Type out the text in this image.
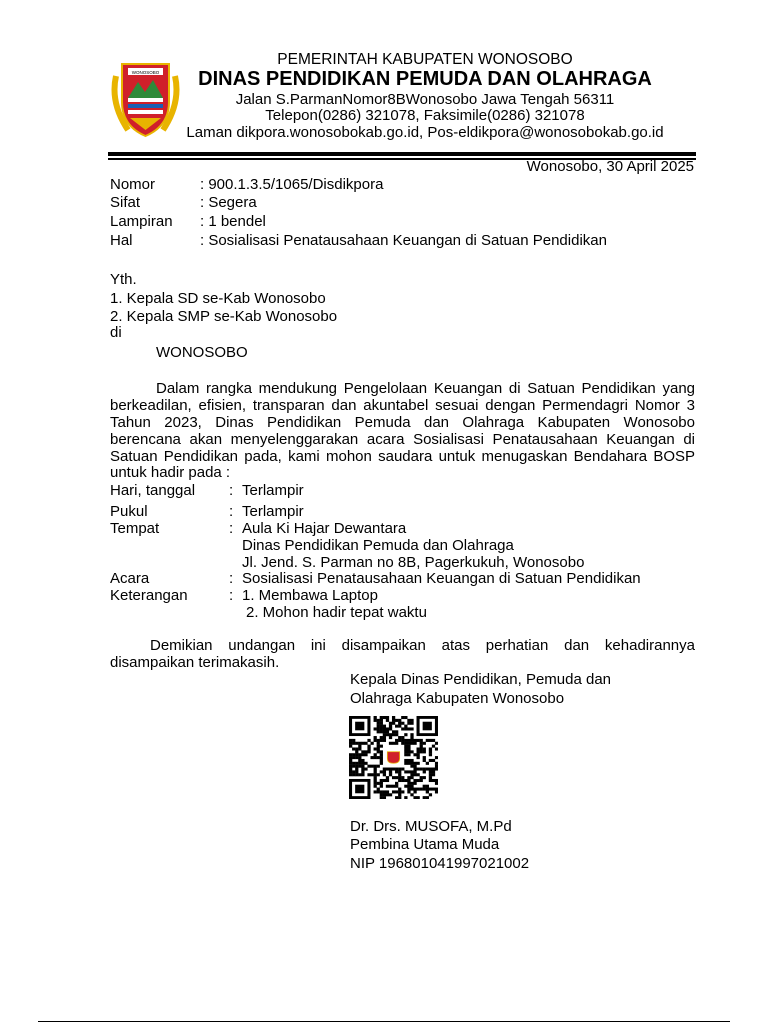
WONOSOBO
PEMERINTAH KABUPATEN WONOSOBO
DINAS PENDIDIKAN PEMUDA DAN OLAHRAGA
Jalan S.ParmanNomor8BWonosobo Jawa Tengah 56311
Telepon(0286) 321078, Faksimile(0286) 321078
Laman dikpora.wonosobokab.go.id, Pos-eldikpora@wonosobokab.go.id
Wonosobo, 30 April 2025
Nomor	: 900.1.3.5/1065/Disdikpora
Sifat	: Segera
Lampiran : 1 bendel
Hal	: Sosialisasi Penatausahaan Keuangan di Satuan Pendidikan
Yth.
1. Kepala SD se-Kab Wonosobo
2. Kepala SMP se-Kab Wonosobo
di
WONOSOBO
Dalam rangka mendukung Pengelolaan Keuangan di Satuan Pendidikan yang
berkeadilan, efisien, transparan dan akuntabel sesuai dengan Permendagri Nomor 3
Tahun 2023, Dinas Pendidikan Pemuda dan Olahraga Kabupaten Wonosobo
berencana akan menyelenggarakan acara Sosialisasi Penatausahaan Keuangan di
Satuan Pendidikan pada, kami mohon saudara untuk menugaskan Bendahara BOSP
untuk hadir pada :
Hari, tanggal : Terlampir
Pukul	: Terlampir
Tempat	: Aula Ki Hajar Dewantara
Dinas Pendidikan Pemuda dan Olahraga
Jl. Jend. S. Parman no 8B, Pagerkukuh, Wonosobo
Acara	: Sosialisasi Penatausahaan Keuangan di Satuan Pendidikan
Keterangan	: 1. Membawa Laptop
2. Mohon hadir tepat waktu
Demikian undangan ini disampaikan atas perhatian dan kehadirannya
disampaikan terimakasih.
Kepala Dinas Pendidikan, Pemuda dan
Olahraga Kabupaten Wonosobo
Dr. Drs. MUSOFA, M.Pd
Pembina Utama Muda
NIP 196801041997021002
